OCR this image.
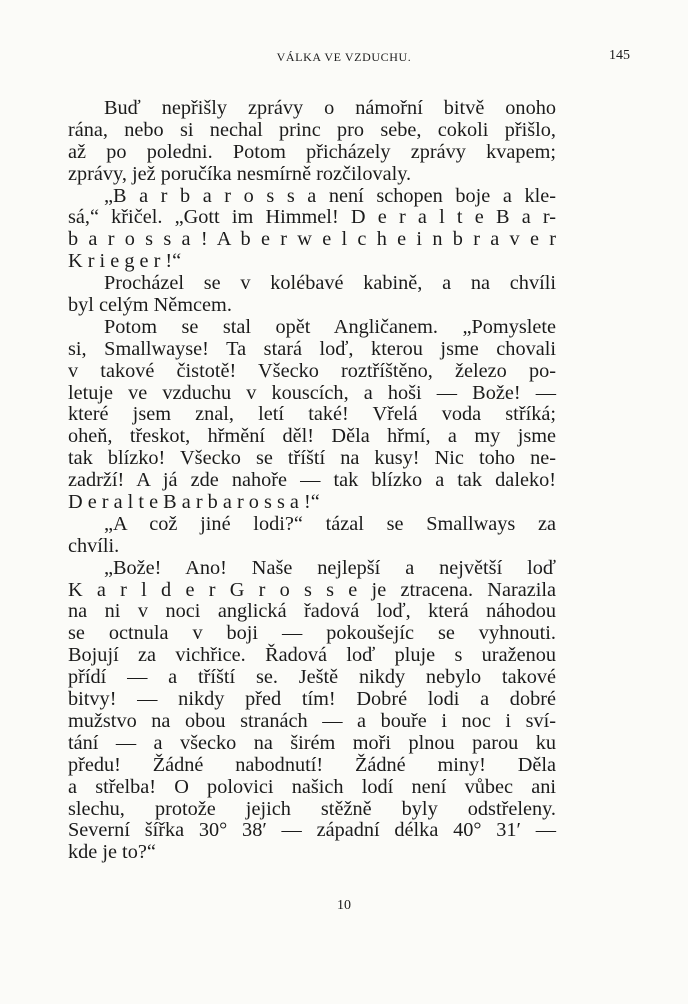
VÁLKA VE VZDUCHU.	145
Buď nepřišly zprávy o námořní bitvě onoho
rána, nebo si nechal princ pro sebe, cokoli přišlo,
až po poledni. Potom přicházely zprávy kvapem;
zprávy, jež poručíka nesmírně rozčilovaly.
„B a r b a r o s s a není schopen boje a kle-
sá,“ křičel. „Gott im Himmel! D e r a l t e B a r-
b a r o s s a ! A b e r w e l c h e i n b r a v e r
K r i e g e r !“
Procházel se v kolébavé kabině, a na chvíli
byl celým Němcem.
Potom se stal opět Angličanem. „Pomyslete
si, Smallwayse! Ta stará loď, kterou jsme chovali
v takové čistotě! Všecko roztříštěno, železo po-
letuje ve vzduchu v kouscích, a hoši — Bože! —
které jsem znal, letí také! Vřelá voda stříká;
oheň, třeskot, hřmění děl! Děla hřmí, a my jsme
tak blízko! Všecko se tříští na kusy! Nic toho ne-
zadrží! A já zde nahoře — tak blízko a tak daleko!
D e r a l t e B a r b a r o s s a !“
„A což jiné lodi?“ tázal se Smallways za
chvíli.
„Bože! Ano! Naše nejlepší a největší loď
K a r l d e r G r o s s e je ztracena. Narazila
na ni v noci anglická řadová loď, která náhodou
se octnula v boji — pokoušejíc se vyhnouti.
Bojují za vichřice. Řadová loď pluje s uraženou
přídí — a tříští se. Ještě nikdy nebylo takové
bitvy! — nikdy před tím! Dobré lodi a dobré
mužstvo na obou stranách — a bouře i noc i sví-
tání — a všecko na širém moři plnou parou ku
předu! Žádné nabodnutí! Žádné miny! Děla
a střelba! O polovici našich lodí není vůbec ani
slechu, protože jejich stěžně byly odstřeleny.
Severní šířka 30° 38′ — západní délka 40° 31′ —
kde je to?“
10
